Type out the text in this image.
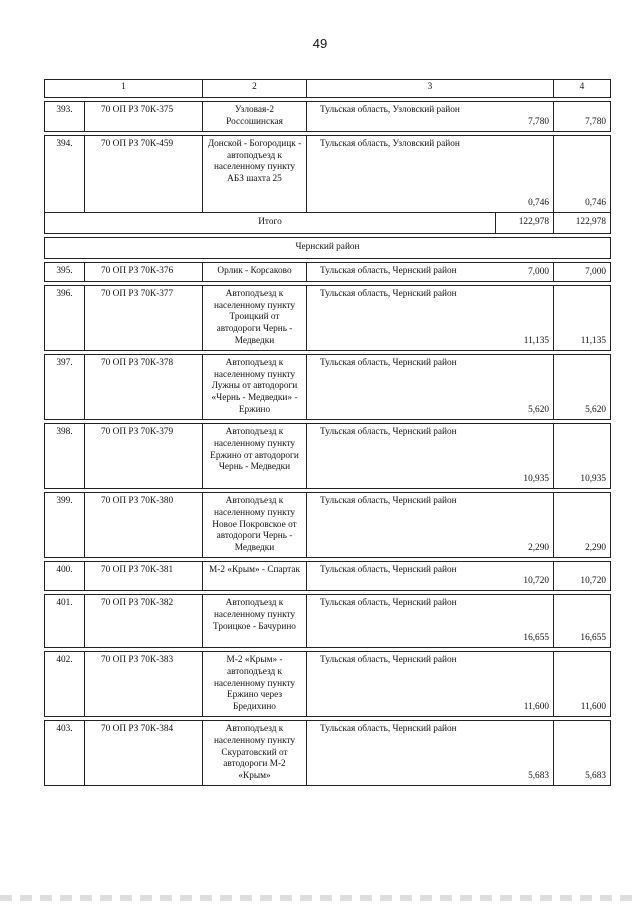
49
1		2	3		4

393.	70 ОП РЗ 70К-375	Узловая-2 Россошинская	Тульская область, Узловский район	7,780	7,780

394.	70 ОП РЗ 70К-459	Донской - Богородицк - автоподъезд к населенному пункту АБЗ шахта 25	Тульская область, Узловский район	0,746	0,746
Итого				122,978	122,978

Чернский район					

395.	70 ОП РЗ 70К-376	Орлик - Корсаково	Тульская область, Чернский район	7,000	7,000

396.	70 ОП РЗ 70К-377	Автоподъезд к населенному пункту Троицкий от автодороги Чернь - Медведки	Тульская область, Чернский район	11,135	11,135

397.	70 ОП РЗ 70К-378	Автоподъезд к населенному пункту Лужны от автодороги «Чернь - Медведки» - Ержино	Тульская область, Чернский район	5,620	5,620

398.	70 ОП РЗ 70К-379	Автоподъезд к населенному пункту Ержино от автодороги Чернь - Медведки	Тульская область, Чернский район	10,935	10,935

399.	70 ОП РЗ 70К-380	Автоподъезд к населенному пункту Новое Покровское от автодороги Чернь - Медведки	Тульская область, Чернский район	2,290	2,290

400.	70 ОП РЗ 70К-381	М-2 «Крым» - Спартак	Тульская область, Чернский район	10,720	10,720

401.	70 ОП РЗ 70К-382	Автоподъезд к населенному пункту Троицкое - Бачурино	Тульская область, Чернский район	16,655	16,655

402.	70 ОП РЗ 70К-383	М-2 «Крым» - автоподъезд к населенному пункту Ержино через Бредихино	Тульская область, Чернский район	11,600	11,600

403.	70 ОП РЗ 70К-384	Автоподъезд к населенному пункту Скуратовский от автодороги М-2 «Крым»	Тульская область, Чернский район	5,683	5,683
